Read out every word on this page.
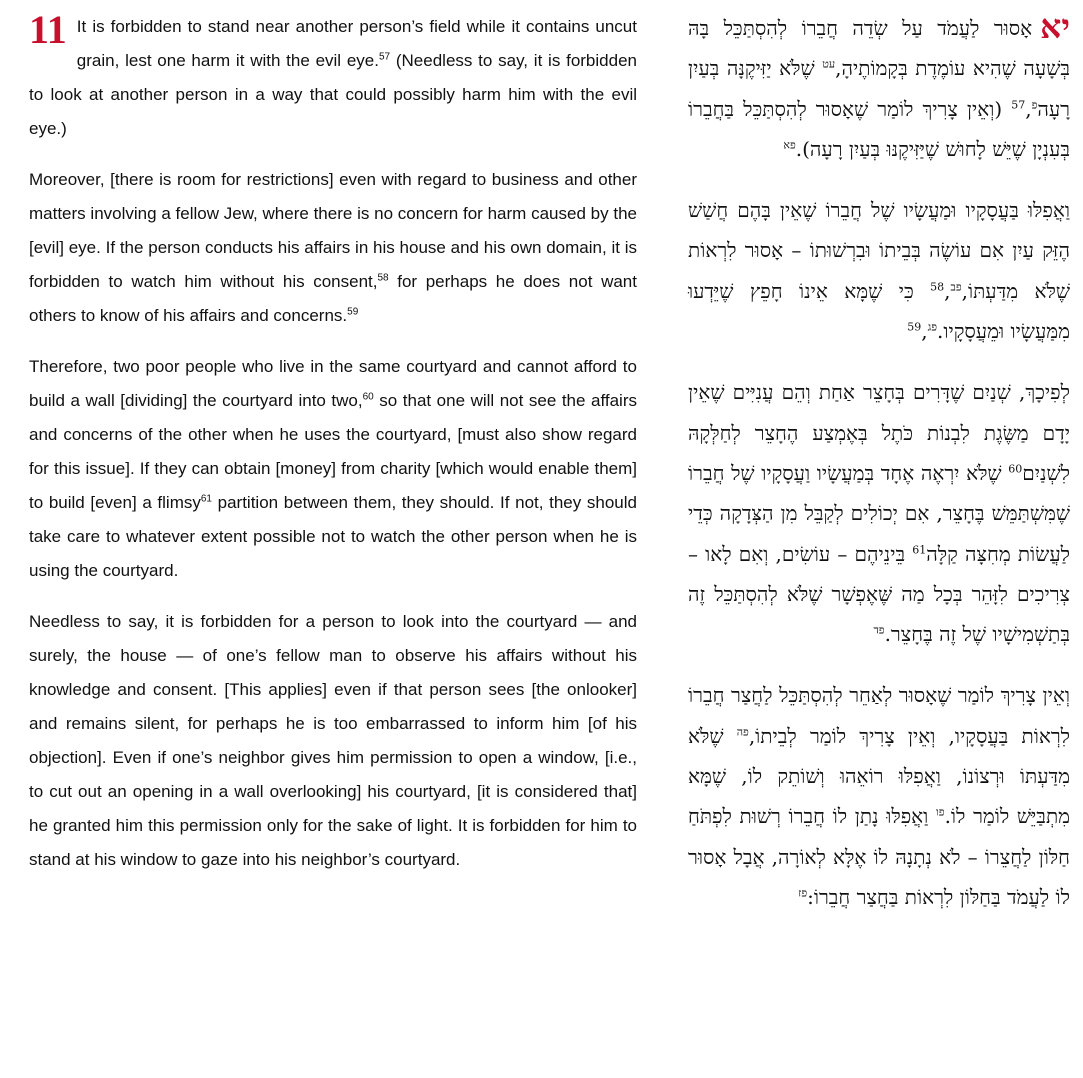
11 It is forbidden to stand near another person’s field while it contains uncut grain, lest one harm it with the evil eye.$^{57}$ (Needless to say, it is forbidden to look at another person in a way that could possibly harm him with the evil eye.)

Moreover, [there is room for restrictions] even with regard to business and other matters involving a fellow Jew, where there is no concern for harm caused by the [evil] eye. If the person conducts his affairs in his house and his own domain, it is forbidden to watch him without his consent,$^{58}$ for perhaps he does not want others to know of his affairs and concerns.$^{59}$

Therefore, two poor people who live in the same courtyard and cannot afford to build a wall [dividing] the courtyard into two,$^{60}$ so that one will not see the affairs and concerns of the other when he uses the courtyard, [must also show regard for this issue]. If they can obtain [money] from charity [which would enable them] to build [even] a flimsy$^{61}$ partition between them, they should. If not, they should take care to whatever extent possible not to watch the other person when he is using the courtyard.

Needless to say, it is forbidden for a person to look into the courtyard — and surely, the house — of one’s fellow man to observe his affairs without his knowledge and consent. [This applies] even if that person sees [the onlooker] and remains silent, for perhaps he is too embarrassed to inform him [of his objection]. Even if one’s neighbor gives him permission to open a window, [i.e., to cut out an opening in a wall overlooking] his courtyard, [it is considered that] he granted him this permission only for the sake of light. It is forbidden for him to stand at his window to gaze into his neighbor’s courtyard.

יא
אָסוּר לַעֲמֹד עַל שְׂדֵה חֲבֵרוֹ לְהִסְתַּכֵּל בָּהּ בְּשָׁעָה שֶׁהִיא עוֹמֶדֶת בְּקָמוֹתֶיהָ,$^{עט}$ שֶׁלֹּא יַזִּיקֶנָּה בְּעַיִן רָעָה$^פ$,$^{57}$ (וְאֵין צָרִיךְ לוֹמַר שֶׁאָסוּר לְהִסְתַּכֵּל בַּחֲבֵרוֹ בְּעִנְיָן שֶׁיֵּשׁ לָחוּשׁ שֶׁיַּזִּיקֶנּוּ בְּעַיִן רָעָה).$^{פא}$

וַאֲפִלּוּ בַּעֲסָקָיו וּמַעֲשָׂיו שֶׁל חֲבֵרוֹ שֶׁאֵין בָּהֶם חֲשַׁשׁ הֶזֵּק עַיִן אִם עוֹשֶׂה בְּבֵיתוֹ וּבִרְשׁוּתוֹ – אָסוּר לִרְאוֹת שֶׁלֹּא מִדַּעְתּוֹ,$^{פב}$,$^{58}$ כִּי שֶׁמָּא אֵינוֹ חָפֵץ שֶׁיֵּדְעוּ מִמַּעֲשָׂיו וּמֵעֲסָקָיו.$^{פג}$,$^{59}$

לְפִיכָךְ, שְׁנַיִם שֶׁדָּרִים בְּחָצֵר אַחַת וְהֵם עֲנִיִּים שֶׁאֵין יָדָם מַשֶּׂגֶת לִבְנוֹת כֹּתֶל בְּאֶמְצַע הֶחָצֵר לְחַלְּקָהּ לִשְׁנַיִם$^{60}$ שֶׁלֹּא יִרְאֶה אֶחָד בְּמַעֲשָׂיו וַעֲסָקָיו שֶׁל חֲבֵרוֹ שֶׁמִּשְׁתַּמֵּשׁ בֶּחָצֵר, אִם יְכוֹלִים לְקַבֵּל מִן הַצְּדָקָה כְּדֵי לַעֲשׂוֹת מְחִצָּה קַלָּה$^{61}$ בֵּינֵיהֶם – עוֹשִׂים, וְאִם לָאו – צְרִיכִים לִזָּהֵר בְּכָל מַה שֶּׁאֶפְשָׁר שֶׁלֹּא לְהִסְתַּכֵּל זֶה בְּתַשְׁמִישָׁיו שֶׁל זֶה בֶּחָצֵר.$^{פד}$

וְאֵין צָרִיךְ לוֹמַר שֶׁאָסוּר לְאַחֵר לְהִסְתַּכֵּל לַחֲצַר חֲבֵרוֹ לִרְאוֹת בַּעֲסָקָיו, וְאֵין צָרִיךְ לוֹמַר לְבֵיתוֹ,$^{פה}$ שֶׁלֹּא מִדַּעְתּוֹ וּרְצוֹנוֹ, וַאֲפִלּוּ רוֹאֵהוּ וְשׁוֹתֵק לוֹ, שֶׁמָּא מִתְבַּיֵּשׁ לוֹמַר לוֹ.$^{פו}$ וַאֲפִלּוּ נָתַן לוֹ חֲבֵרוֹ רְשׁוּת לִפְתֹּחַ חַלּוֹן לַחֲצֵרוֹ – לֹא נְתָנָהּ לוֹ אֶלָּא לְאוֹרָה, אֲבָל אָסוּר לוֹ לַעֲמֹד בַּחַלּוֹן לִרְאוֹת בַּחֲצַר חֲבֵרוֹ:$^{פז}$
